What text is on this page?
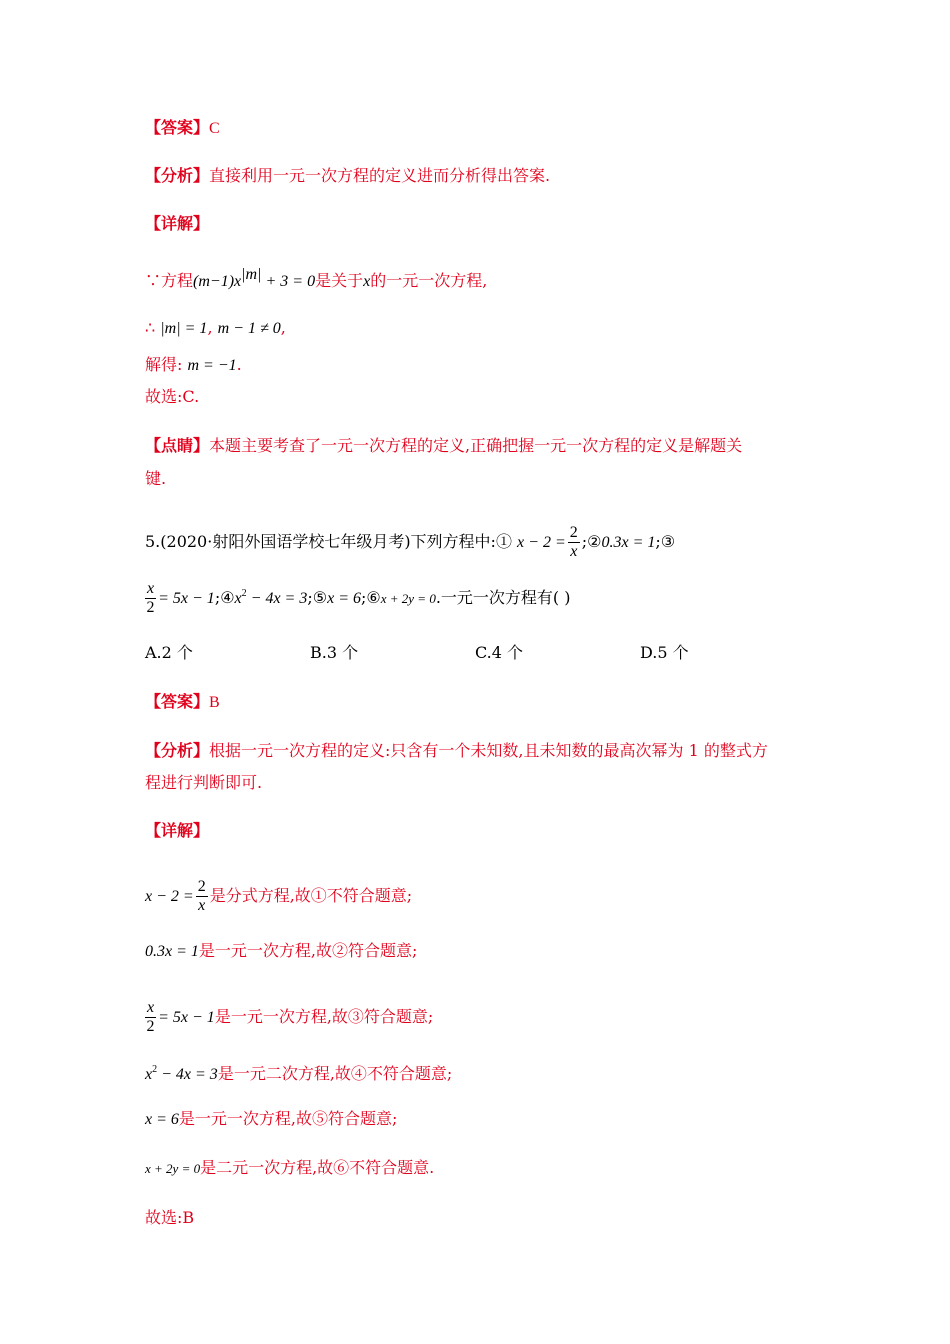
【答案】C
【分析】直接利用一元一次方程的定义进而分析得出答案.
【详解】
∵方程$(m-1)x^{|m|} + 3 = 0$是关于x的一元一次方程,
∴ |m| = 1, m − 1 ≠ 0,
解得: m = −1.
故选:C.
【点睛】本题主要考查了一元一次方程的定义,正确把握一元一次方程的定义是解题关
键.
5.(2020·射阳外国语学校七年级月考)下列方程中:① $x - 2 = \frac{2}{x}$ ;②0.3x = 1;③
$\frac{x}{2} = 5x$ − $1;④x^2 - 4x$ = 3;⑤x = 6;⑥x + 2y = 0.一元一次方程有( )
A.2 个	B.3 个	C.4 个	D.5 个
【答案】B
【分析】根据一元一次方程的定义:只含有一个未知数,且未知数的最高次幂为 1 的整式方
程进行判断即可.
【详解】
$x - 2 = \frac{2}{x}$ 是分式方程,故①不符合题意;
0.3x = 1是一元一次方程,故②符合题意;
$\frac{x}{2} = 5x - 1$是一元一次方程,故③符合题意;
$x^2 - 4x = 3$是一元二次方程,故④不符合题意;
x = 6是一元一次方程,故⑤符合题意;
x + 2y = 0是二元一次方程,故⑥不符合题意.
故选:B
